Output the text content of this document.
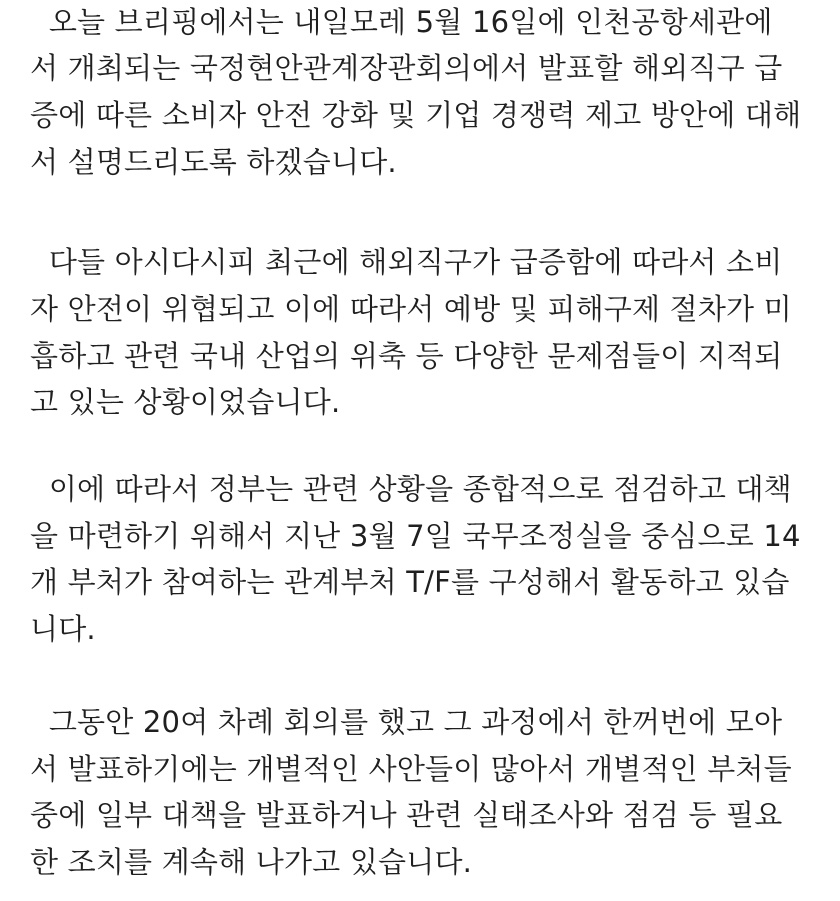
오늘 브리핑에서는 내일모레 5월 16일에 인천공항세관에
서 개최되는 국정현안관계장관회의에서 발표할 해외직구 급
증에 따른 소비자 안전 강화 및 기업 경쟁력 제고 방안에 대해
서 설명드리도록 하겠습니다.
다들 아시다시피 최근에 해외직구가 급증함에 따라서 소비
자 안전이 위협되고 이에 따라서 예방 및 피해구제 절차가 미
흡하고 관련 국내 산업의 위축 등 다양한 문제점들이 지적되
고 있는 상황이었습니다.
이에 따라서 정부는 관련 상황을 종합적으로 점검하고 대책
을 마련하기 위해서 지난 3월 7일 국무조정실을 중심으로 14
개 부처가 참여하는 관계부처 T/F를 구성해서 활동하고 있습
니다.
그동안 20여 차례 회의를 했고 그 과정에서 한꺼번에 모아
서 발표하기에는 개별적인 사안들이 많아서 개별적인 부처들
중에 일부 대책을 발표하거나 관련 실태조사와 점검 등 필요
한 조치를 계속해 나가고 있습니다.
